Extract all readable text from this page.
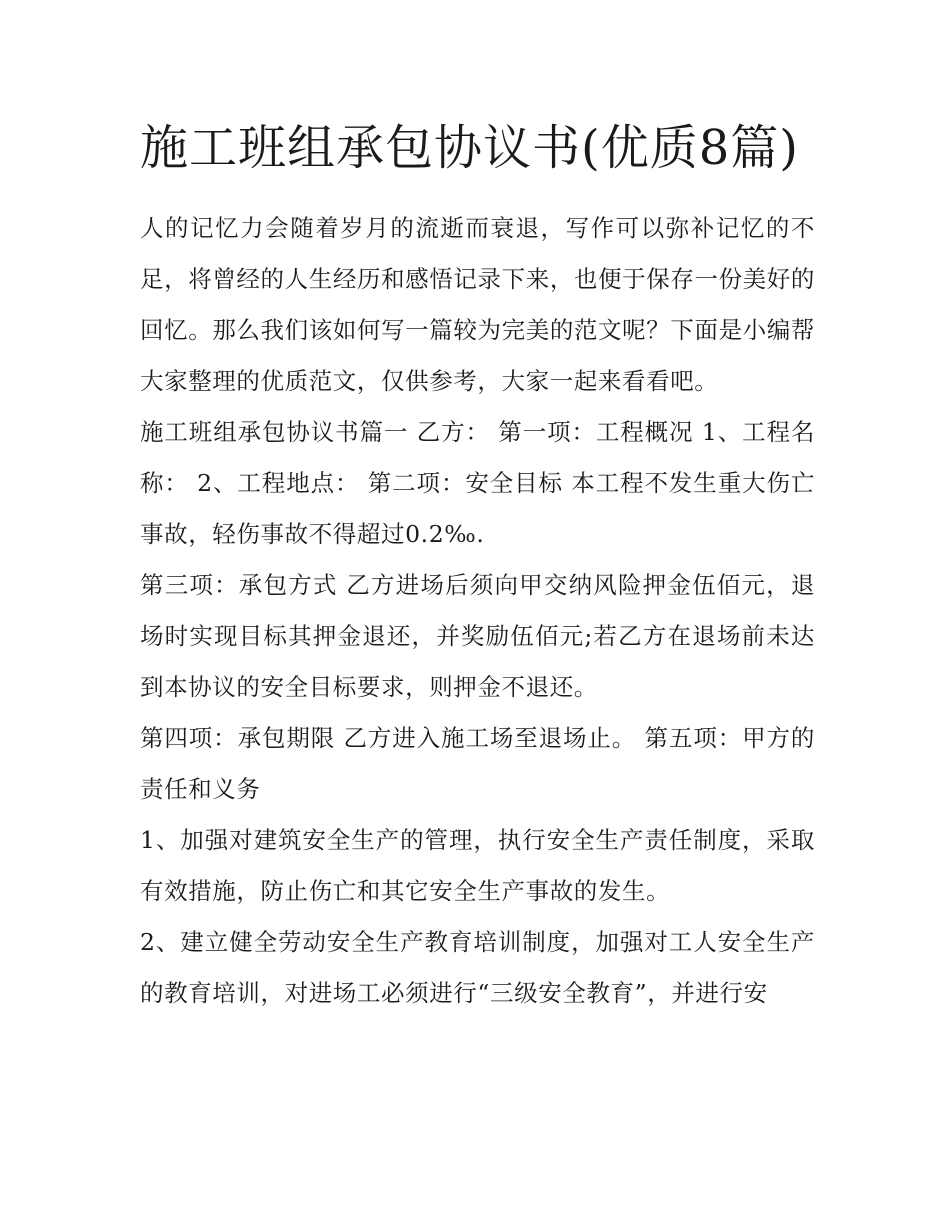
施工班组承包协议书(优质8篇)

人的记忆力会随着岁月的流逝而衰退，写作可以弥补记忆的不足，将曾经的人生经历和感悟记录下来，也便于保存一份美好的回忆。那么我们该如何写一篇较为完美的范文呢？下面是小编帮大家整理的优质范文，仅供参考，大家一起来看看吧。

施工班组承包协议书篇一 乙方： 第一项：工程概况 1、工程名称： 2、工程地点： 第二项：安全目标 本工程不发生重大伤亡事故，轻伤事故不得超过0.2‰.

第三项：承包方式 乙方进场后须向甲交纳风险押金伍佰元，退场时实现目标其押金退还，并奖励伍佰元;若乙方在退场前未达到本协议的安全目标要求，则押金不退还。

第四项：承包期限 乙方进入施工场至退场止。 第五项：甲方的责任和义务

1、加强对建筑安全生产的管理，执行安全生产责任制度，采取有效措施，防止伤亡和其它安全生产事故的发生。

2、建立健全劳动安全生产教育培训制度，加强对工人安全生产的教育培训，对进场工必须进行“三级安全教育”，并进行安
